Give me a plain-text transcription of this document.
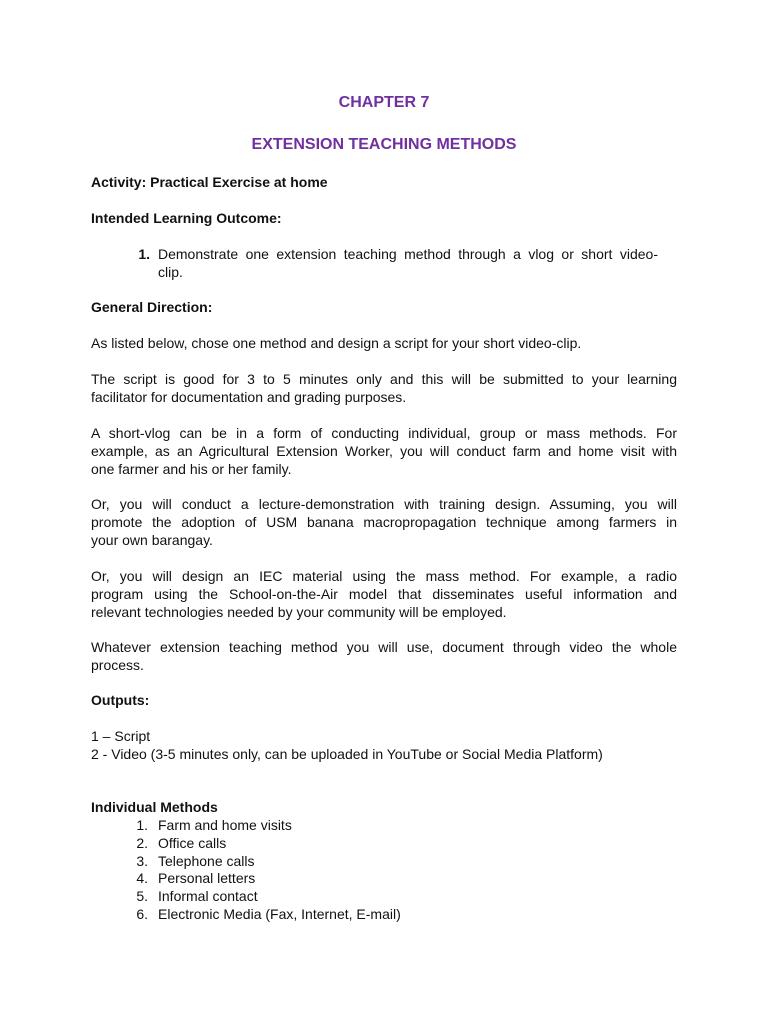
CHAPTER 7
EXTENSION TEACHING METHODS
Activity: Practical Exercise at home
Intended Learning Outcome:
1. Demonstrate one extension teaching method through a vlog or short video-
clip.
General Direction:
As listed below, chose one method and design a script for your short video-clip.
The script is good for 3 to 5 minutes only and this will be submitted to your learning
facilitator for documentation and grading purposes.
A short-vlog can be in a form of conducting individual, group or mass methods. For
example, as an Agricultural Extension Worker, you will conduct farm and home visit with
one farmer and his or her family.
Or, you will conduct a lecture-demonstration with training design. Assuming, you will
promote the adoption of USM banana macropropagation technique among farmers in
your own barangay.
Or, you will design an IEC material using the mass method. For example, a radio
program using the School-on-the-Air model that disseminates useful information and
relevant technologies needed by your community will be employed.
Whatever extension teaching method you will use, document through video the whole
process.
Outputs:
1 – Script
2 - Video (3-5 minutes only, can be uploaded in YouTube or Social Media Platform)
Individual Methods
1. Farm and home visits
2. Office calls
3. Telephone calls
4. Personal letters
5. Informal contact
6. Electronic Media (Fax, Internet, E-mail)
